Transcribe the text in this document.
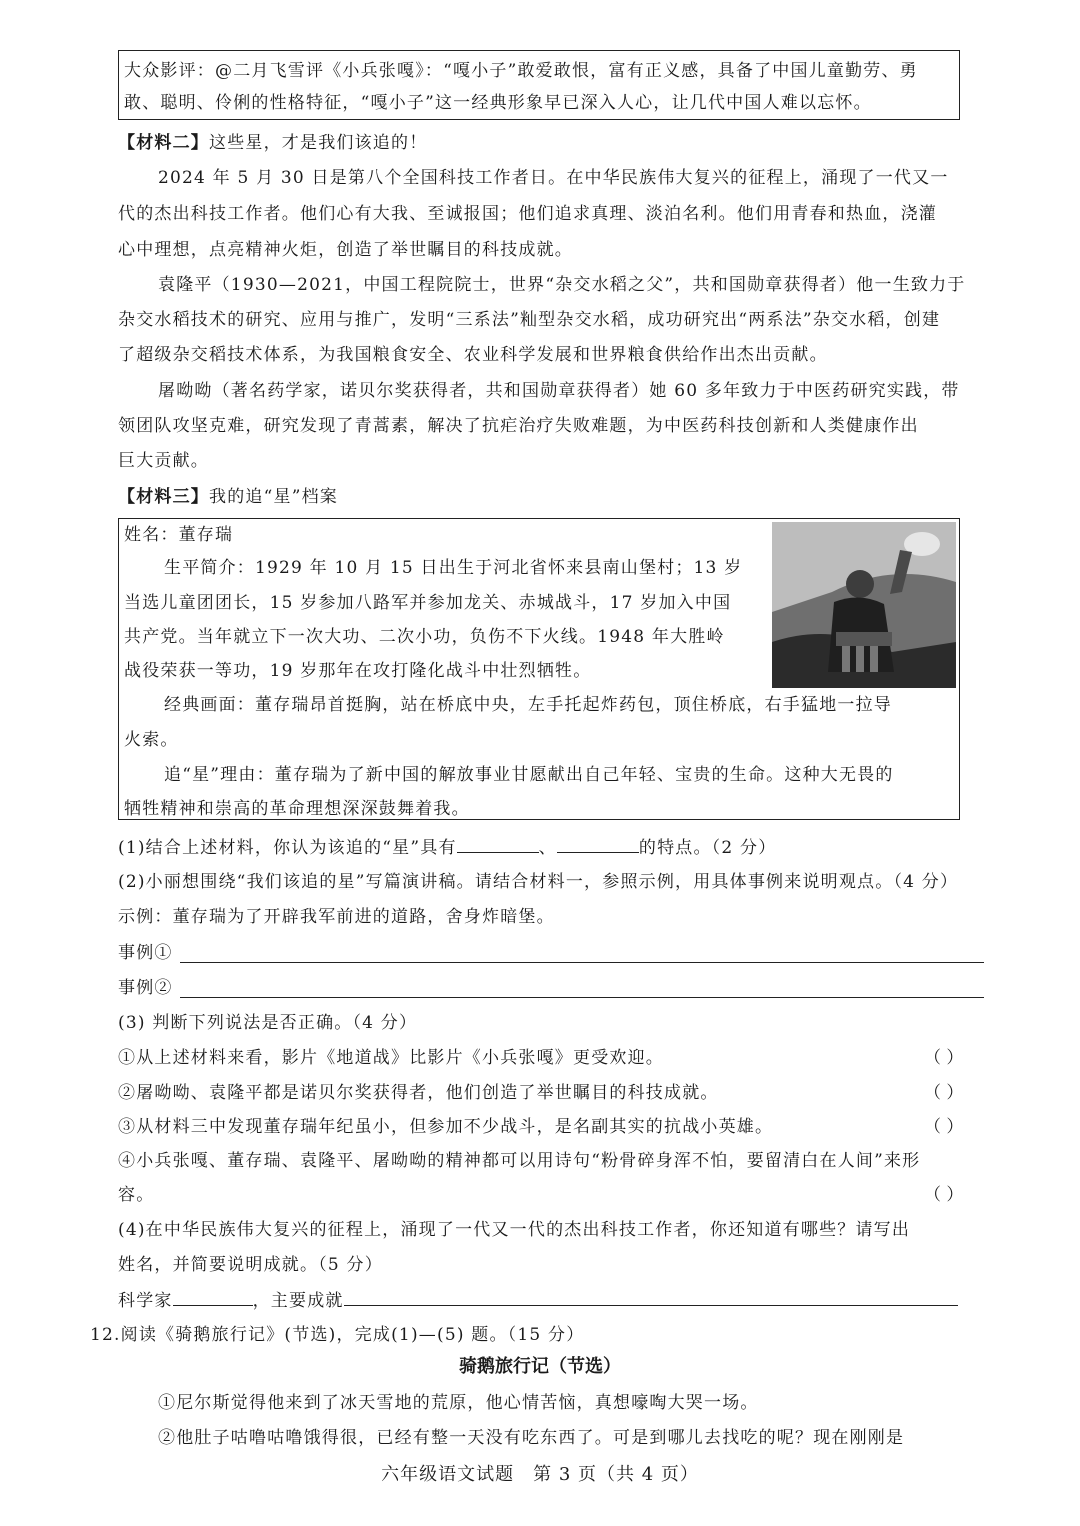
大众影评：@二月飞雪评《小兵张嘎》：“嘎小子”敢爱敢恨，富有正义感，具备了中国儿童勤劳、勇
敢、聪明、伶俐的性格特征，“嘎小子”这一经典形象早已深入人心，让几代中国人难以忘怀。
【材料二】这些星，才是我们该追的！
2024 年 5 月 30 日是第八个全国科技工作者日。在中华民族伟大复兴的征程上，涌现了一代又一
代的杰出科技工作者。他们心有大我、至诚报国；他们追求真理、淡泊名利。他们用青春和热血，浇灌
心中理想，点亮精神火炬，创造了举世瞩目的科技成就。
袁隆平（1930—2021，中国工程院院士，世界“杂交水稻之父”，共和国勋章获得者）他一生致力于
杂交水稻技术的研究、应用与推广，发明“三系法”籼型杂交水稻，成功研究出“两系法”杂交水稻，创建
了超级杂交稻技术体系，为我国粮食安全、农业科学发展和世界粮食供给作出杰出贡献。
屠呦呦（著名药学家，诺贝尔奖获得者，共和国勋章获得者）她 60 多年致力于中医药研究实践，带
领团队攻坚克难，研究发现了青蒿素，解决了抗疟治疗失败难题，为中医药科技创新和人类健康作出
巨大贡献。
【材料三】我的追“星”档案
姓名：董存瑞
生平简介：1929 年 10 月 15 日出生于河北省怀来县南山堡村；13 岁
当选儿童团团长，15 岁参加八路军并参加龙关、赤城战斗，17 岁加入中国
共产党。当年就立下一次大功、二次小功，负伤不下火线。1948 年大胜岭
战役荣获一等功，19 岁那年在攻打隆化战斗中壮烈牺牲。
经典画面：董存瑞昂首挺胸，站在桥底中央，左手托起炸药包，顶住桥底，右手猛地一拉导
火索。
追“星”理由：董存瑞为了新中国的解放事业甘愿献出自己年轻、宝贵的生命。这种大无畏的
牺牲精神和崇高的革命理想深深鼓舞着我。
(1)结合上述材料，你认为该追的“星”具有	、	的特点。（2 分）
(2)小丽想围绕“我们该追的星”写篇演讲稿。请结合材料一，参照示例，用具体事例来说明观点。（4 分）
示例：董存瑞为了开辟我军前进的道路，舍身炸暗堡。
事例①
事例②
(3) 判断下列说法是否正确。（4 分）
①从上述材料来看，影片《地道战》比影片《小兵张嘎》更受欢迎。	（ ）
②屠呦呦、袁隆平都是诺贝尔奖获得者，他们创造了举世瞩目的科技成就。	（ ）
③从材料三中发现董存瑞年纪虽小，但参加不少战斗，是名副其实的抗战小英雄。	（ ）
④小兵张嘎、董存瑞、袁隆平、屠呦呦的精神都可以用诗句“粉骨碎身浑不怕，要留清白在人间”来形
容。	（ ）
(4)在中华民族伟大复兴的征程上，涌现了一代又一代的杰出科技工作者，你还知道有哪些？请写出
姓名，并简要说明成就。（5 分）
科学家	，主要成就
12.阅读《骑鹅旅行记》(节选)，完成(1)—(5) 题。（15 分）
骑鹅旅行记（节选）
①尼尔斯觉得他来到了冰天雪地的荒原，他心情苦恼，真想嚎啕大哭一场。
②他肚子咕噜咕噜饿得很，已经有整一天没有吃东西了。可是到哪儿去找吃的呢？现在刚刚是
六年级语文试题　第 3 页（共 4 页）
